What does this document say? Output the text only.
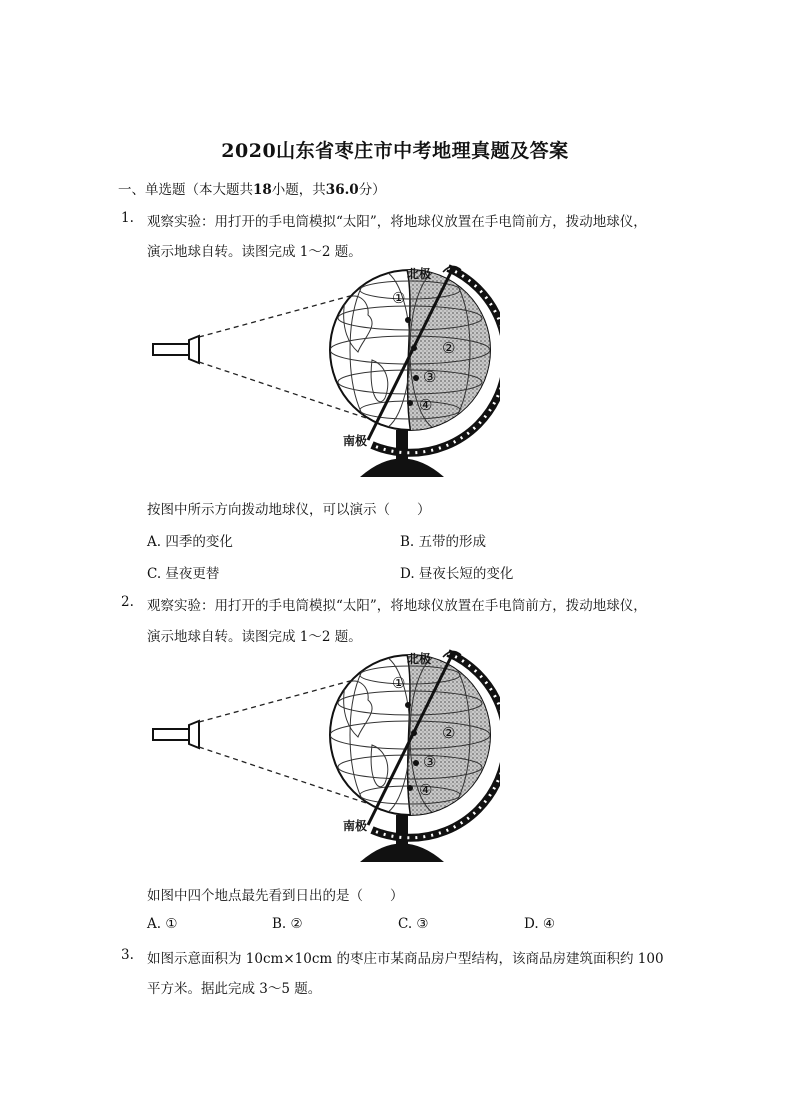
2020山东省枣庄市中考地理真题及答案
一、单选题（本大题共18小题，共36.0分）
1. 观察实验：用打开的手电筒模拟“太阳”，将地球仪放置在手电筒前方，拨动地球仪，
演示地球自转。读图完成 1～2 题。
北极
南极
①
②
③
④
按图中所示方向拨动地球仪，可以演示（　　）
A. 四季的变化	B. 五带的形成
C. 昼夜更替	D. 昼夜长短的变化
2. 观察实验：用打开的手电筒模拟“太阳”，将地球仪放置在手电筒前方，拨动地球仪，
演示地球自转。读图完成 1～2 题。
北极
南极
①
②
③
④
如图中四个地点最先看到日出的是（　　）
A. ①	B. ②	C. ③	D. ④
3. 如图示意面积为 10cm×10cm 的枣庄市某商品房户型结构，该商品房建筑面积约 100
平方米。据此完成 3～5 题。
